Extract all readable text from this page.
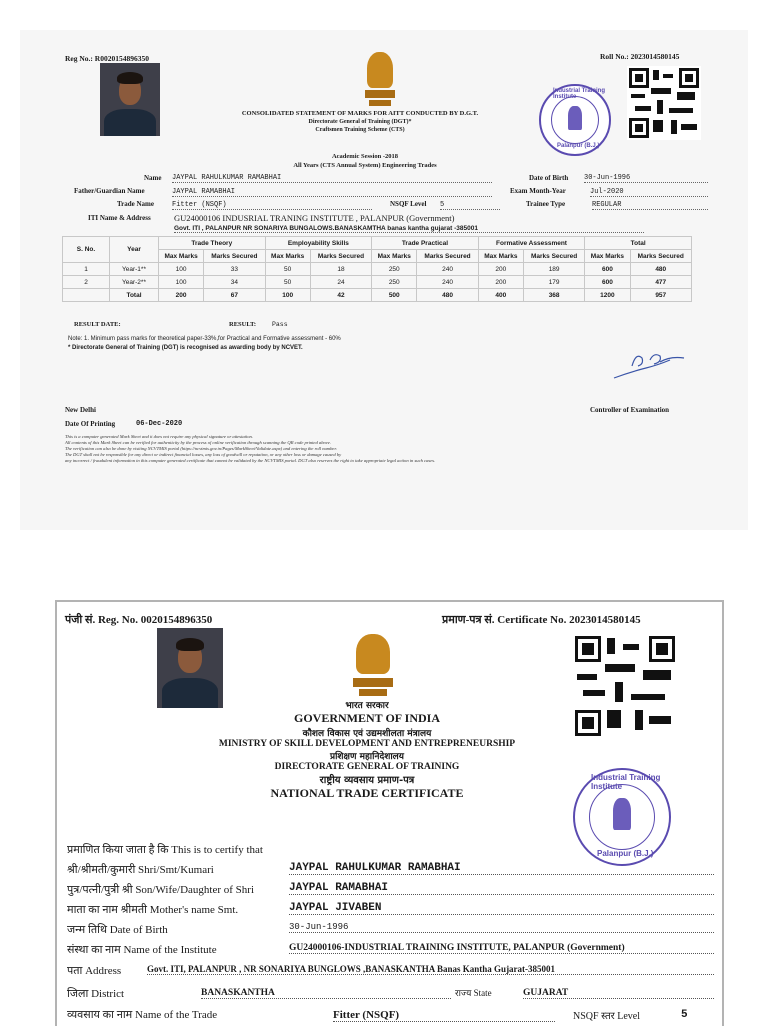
Reg No.: R0020154896350	Roll No.: 2023014580145
Industrial Training Institute
Palanpur (B.J.)
CONSOLIDATED STATEMENT OF MARKS FOR AITT CONDUCTED BY D.G.T.
Directorate General of Training (DGT)*
Craftsmen Training Scheme (CTS)
Academic Session -2018
All Years (CTS Annual System) Engineering Trades
Name JAYPAL RAHULKUMAR RAMABHAI	Date of Birth 30-Jun-1996
Father/Guardian Name	JAYPAL RAMABHAI	Exam Month-Year	Jul-2020
Trade Name	Fitter (NSQF)	NSQF Level 5	Trainee Type	REGULAR
ITI Name & Address	GU24000106 INDUSRIAL TRANING INSTITUTE , PALANPUR (Government)
Govt. ITI , PALANPUR NR SONARIYA BUNGALOWS.BANASKAMTHA banas kantha gujarat -385001
S. No.	Year	Trade Theory		Employability Skills		Trade Practical		Formative Assessment		Total	
		Max Marks	Marks Secured	Max Marks	Marks Secured	Max Marks	Marks Secured	Max Marks	Marks Secured	Max Marks	Marks Secured
1	Year-1**	100	33	50	18	250	240	200	189	600	480
2	Year-2**	100	34	50	24	250	240	200	179	600	477
	Total	200	67	100	42	500	480	400	368	1200	957
RESULT DATE:	RESULT: Pass
Note: 1. Minimum pass marks for theoretical paper-33%,for Practical and Formative assessment - 60%
* Directorate General of Training (DGT) is recognised as awarding body by NCVET.
New Delhi
Date Of Printing	06-Dec-2020
Controller of Examination
This is a computer generated Mark Sheet and it does not require any physical signature or attestation.
All contents of this Mark Sheet can be verified for authenticity by the process of online verification through scanning the QR code printed above.
The verification can also be done by visiting NCVTMIS portal (https://ncvtmis.gov.in/Pages/MarkSheet/Validate.aspx) and entering the roll number.
The DGT shall not be responsible for any direct or indirect financial losses, any loss of goodwill or reputation, or any other loss or damage caused by
any incorrect / fraudulent information in this computer generated certificate that cannot be validated by the NCVTMIS portal. DGT also reserves the right to take appropriate legal action in such cases.
पंजी सं. Reg. No. 0020154896350	प्रमाण-पत्र सं. Certificate No. 2023014580145
Industrial Training Institute
Palanpur (B.J.)
भारत सरकार
GOVERNMENT OF INDIA
कौशल विकास एवं उद्यमशीलता मंत्रालय
MINISTRY OF SKILL DEVELOPMENT AND ENTREPRENEURSHIP
प्रशिक्षण महानिदेशालय
DIRECTORATE GENERAL OF TRAINING
राष्ट्रीय व्यवसाय प्रमाण-पत्र
NATIONAL TRADE CERTIFICATE
प्रमाणित किया जाता है कि This is to certify that
श्री/श्रीमती/कुमारी Shri/Smt/Kumari	JAYPAL RAHULKUMAR RAMABHAI
पुत्र/पत्नी/पुत्री श्री Son/Wife/Daughter of Shri	JAYPAL RAMABHAI
माता का नाम श्रीमती Mother's name Smt.	JAYPAL JIVABEN
जन्म तिथि Date of Birth	30-Jun-1996
संस्था का नाम Name of the Institute	GU24000106-INDUSTRIAL TRAINING INSTITUTE, PALANPUR (Government)
पता Address	Govt. ITI, PALANPUR , NR SONARIYA BUNGLOWS ,BANASKANTHA Banas Kantha Gujarat-385001
जिला District	BANASKANTHA	राज्य State	GUJARAT
व्यवसाय का नाम Name of the Trade	Fitter (NSQF)	NSQF स्तर Level	5
